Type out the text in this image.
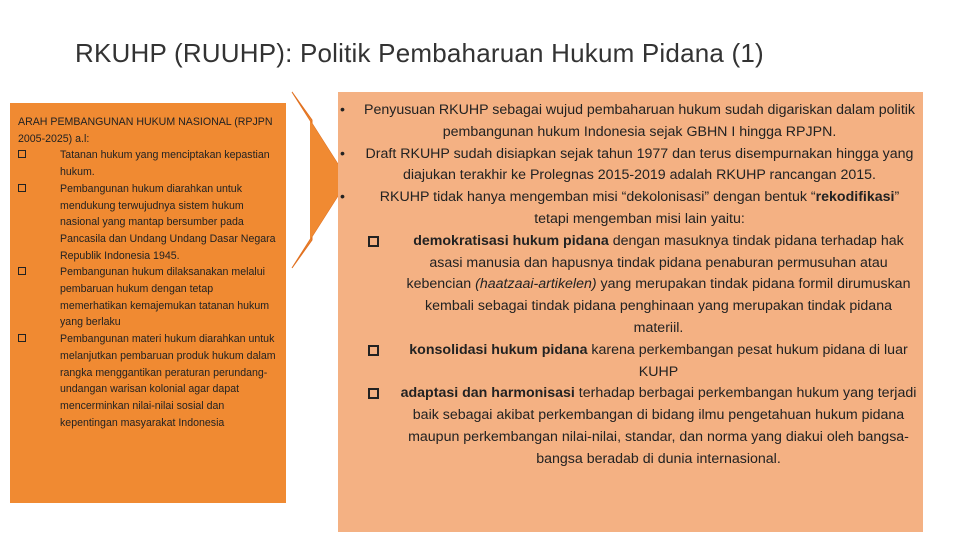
RKUHP (RUUHP): Politik Pembaharuan Hukum Pidana (1)
ARAH PEMBANGUNAN HUKUM NASIONAL (RPJPN 2005-2025) a.l:
Tatanan hukum yang menciptakan kepastian hukum.
Pembangunan hukum diarahkan untuk mendukung terwujudnya sistem hukum nasional yang mantap bersumber pada Pancasila dan Undang Undang Dasar Negara Republik Indonesia 1945.
Pembangunan hukum dilaksanakan melalui pembaruan hukum dengan tetap memerhatikan kemajemukan tatanan hukum yang berlaku
Pembangunan materi hukum diarahkan untuk melanjutkan pembaruan produk hukum dalam rangka menggantikan peraturan perundang-undangan warisan kolonial agar dapat mencerminkan nilai-nilai sosial dan kepentingan masyarakat Indonesia
• Penyusuan RKUHP sebagai wujud pembaharuan hukum sudah digariskan dalam politik pembangunan hukum Indonesia sejak GBHN I hingga RPJPN.
• Draft RKUHP sudah disiapkan sejak tahun 1977 dan terus disempurnakan hingga yang diajukan terakhir ke Prolegnas 2015-2019 adalah RKUHP rancangan 2015.
• RKUHP tidak hanya mengemban misi “dekolonisasi” dengan bentuk “rekodifikasi” tetapi mengemban misi lain yaitu:
demokratisasi hukum pidana dengan masuknya tindak pidana terhadap hak asasi manusia dan hapusnya tindak pidana penaburan permusuhan atau kebencian (haatzaai-artikelen) yang merupakan tindak pidana formil dirumuskan kembali sebagai tindak pidana penghinaan yang merupakan tindak pidana materiil.
konsolidasi hukum pidana karena perkembangan pesat hukum pidana di luar KUHP
adaptasi dan harmonisasi terhadap berbagai perkembangan hukum yang terjadi baik sebagai akibat perkembangan di bidang ilmu pengetahuan hukum pidana maupun perkembangan nilai-nilai, standar, dan norma yang diakui oleh bangsa-bangsa beradab di dunia internasional.
